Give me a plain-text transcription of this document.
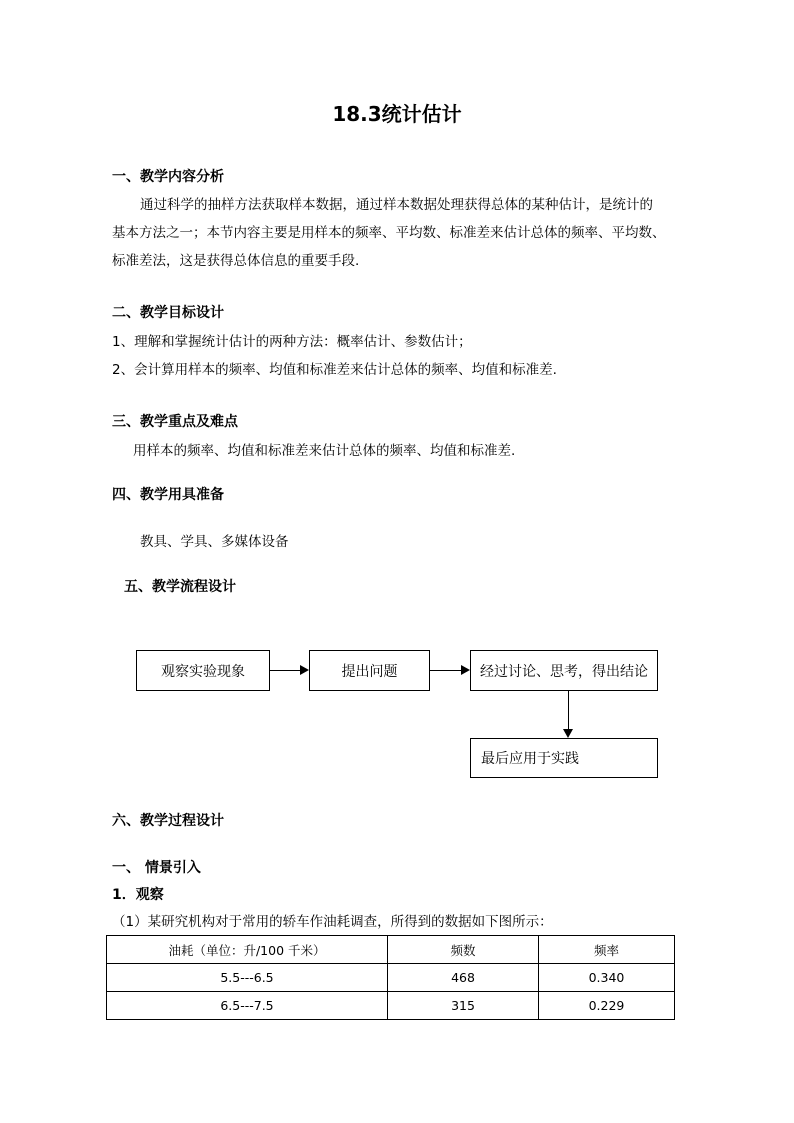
18.3统计估计
一、教学内容分析
通过科学的抽样方法获取样本数据，通过样本数据处理获得总体的某种估计，是统计的
基本方法之一；本节内容主要是用样本的频率、平均数、标准差来估计总体的频率、平均数、
标准差法，这是获得总体信息的重要手段.
二、教学目标设计
1、理解和掌握统计估计的两种方法：概率估计、参数估计；
2、会计算用样本的频率、均值和标准差来估计总体的频率、均值和标准差.
三、教学重点及难点
用样本的频率、均值和标准差来估计总体的频率、均值和标准差.
四、教学用具准备
教具、学具、多媒体设备
五、教学流程设计
观察实验现象	提出问题	经过讨论、思考，得出结论
最后应用于实践
六、教学过程设计
一、 情景引入
1．观察
（1）某研究机构对于常用的轿车作油耗调查，所得到的数据如下图所示：
油耗（单位：升/100 千米）	频数	频率
5.5---6.5	468	0.340
6.5---7.5	315	0.229
